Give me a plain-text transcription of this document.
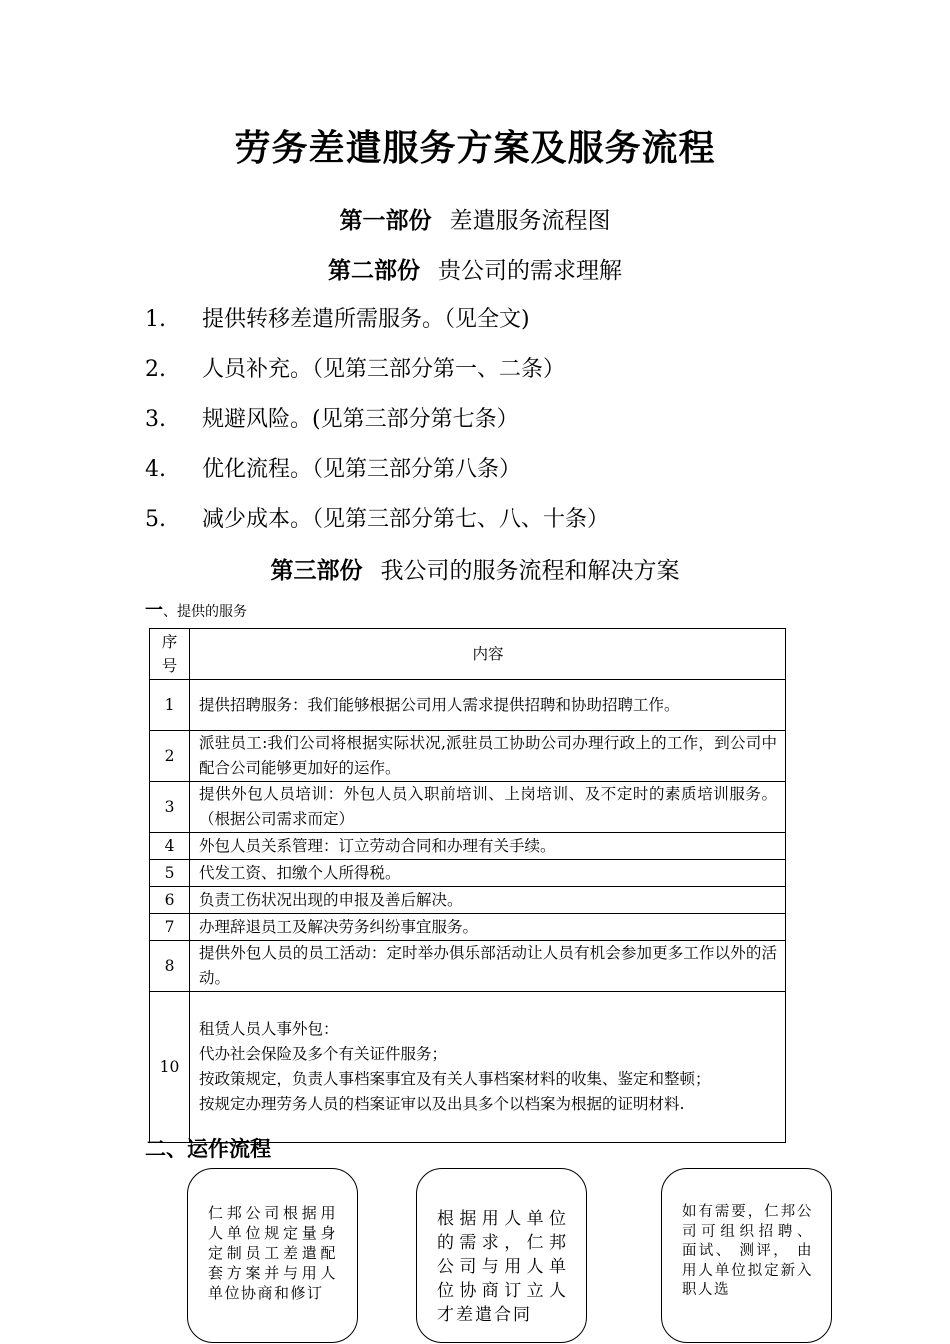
劳务差遣服务方案及服务流程
第一部份 差遣服务流程图
第二部份 贵公司的需求理解
1. 提供转移差遣所需服务。（见全文)
2. 人员补充。（见第三部分第一、二条）
3. 规避风险。(见第三部分第七条）
4. 优化流程。（见第三部分第八条）
5. 减少成本。（见第三部分第七、八、十条）
第三部份 我公司的服务流程和解决方案
一、提供的服务
序号	内容
1	提供招聘服务：我们能够根据公司用人需求提供招聘和协助招聘工作。

2	派驻员工:我们公司将根据实际状况,派驻员工协助公司办理行政上的工作，到公司中配合公司能够更加好的运作。

3	提供外包人员培训：外包人员入职前培训、上岗培训、及不定时的素质培训服务。（根据公司需求而定）

4	外包人员关系管理：订立劳动合同和办理有关手续。

5	代发工资、扣缴个人所得税。

6	负责工伤状况出现的申报及善后解决。

7	办理辞退员工及解决劳务纠纷事宜服务。

8	提供外包人员的员工活动：定时举办俱乐部活动让人员有机会参加更多工作以外的活动。

10	租赁人员人事外包：
代办社会保险及多个有关证件服务；
按政策规定，负责人事档案事宜及有关人事档案材料的收集、鉴定和整顿；
按规定办理劳务人员的档案证审以及出具多个以档案为根据的证明材料.
二、运作流程
仁邦公司根据用人单位规定量身定制员工差遣配套方案并与用人单位协商和修订
根据用人单位的需求，仁邦公司与用人单位协商订立人才差遣合同
如有需要，仁邦公司可组织招聘、 面试、 测评， 由用人单位拟定新入职人选
